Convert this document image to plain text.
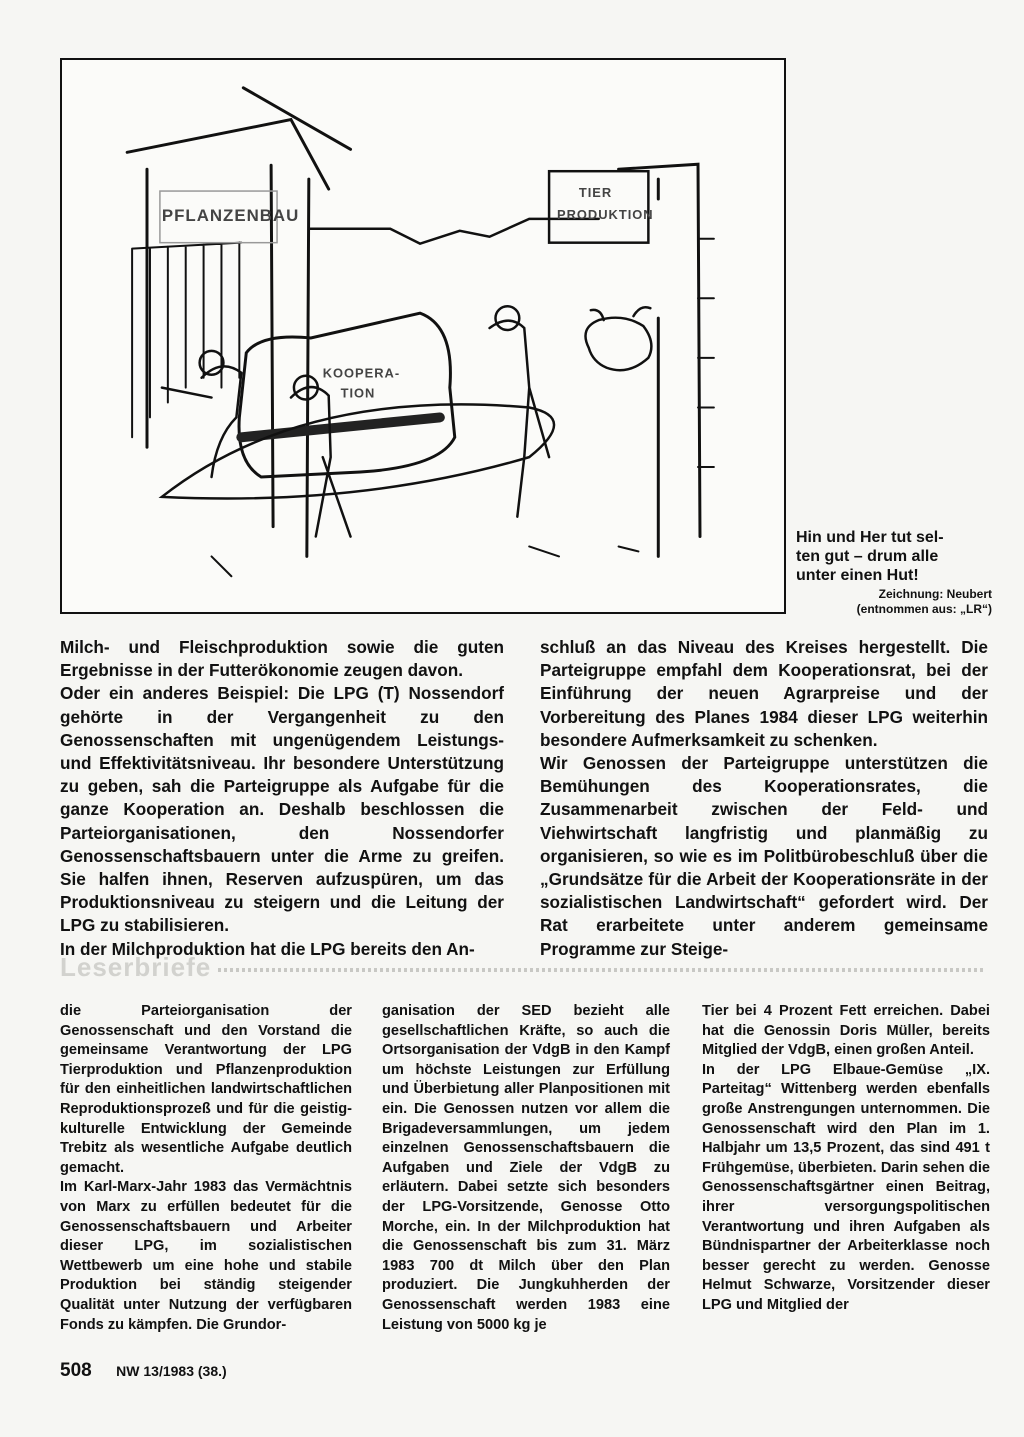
PFLANZENBAU
TIER
PRODUKTION
KOOPERA-
TION
Hin und Her tut sel-
ten gut – drum alle
unter einen Hut!
Zeichnung: Neubert
(entnommen aus: „LR“)

Milch- und Fleischproduktion sowie die guten Ergebnisse in der Futterökonomie zeugen davon.

Oder ein anderes Beispiel: Die LPG (T) Nossendorf gehörte in der Vergangenheit zu den Genossenschaften mit ungenügendem Leistungs- und Effektivitätsniveau. Ihr besondere Unterstützung zu geben, sah die Parteigruppe als Aufgabe für die ganze Kooperation an. Deshalb beschlossen die Parteiorganisationen, den Nossendorfer Genossenschaftsbauern unter die Arme zu greifen. Sie halfen ihnen, Reserven aufzuspüren, um das Produktionsniveau zu steigern und die Leitung der LPG zu stabilisieren.

In der Milchproduktion hat die LPG bereits den An-

schluß an das Niveau des Kreises hergestellt. Die Parteigruppe empfahl dem Kooperationsrat, bei der Einführung der neuen Agrarpreise und der Vorbereitung des Planes 1984 dieser LPG weiterhin besondere Aufmerksamkeit zu schenken.

Wir Genossen der Parteigruppe unterstützen die Bemühungen des Kooperationsrates, die Zusammenarbeit zwischen der Feld- und Viehwirtschaft langfristig und planmäßig zu organisieren, so wie es im Politbürobeschluß über die „Grundsätze für die Arbeit der Kooperationsräte in der sozialistischen Landwirtschaft“ gefordert wird. Der Rat erarbeitete unter anderem gemeinsame Programme zur Steige-

Leserbriefe

die Parteiorganisation der Genossenschaft und den Vorstand die gemeinsame Verantwortung der LPG Tierproduktion und Pflanzenproduktion für den einheitlichen landwirtschaftlichen Reproduktionsprozeß und für die geistig-kulturelle Entwicklung der Gemeinde Trebitz als wesentliche Aufgabe deutlich gemacht.

Im Karl-Marx-Jahr 1983 das Vermächtnis von Marx zu erfüllen bedeutet für die Genossenschaftsbauern und Arbeiter dieser LPG, im sozialistischen Wettbewerb um eine hohe und stabile Produktion bei ständig steigender Qualität unter Nutzung der verfügbaren Fonds zu kämpfen. Die Grundor-

ganisation der SED bezieht alle gesellschaftlichen Kräfte, so auch die Ortsorganisation der VdgB in den Kampf um höchste Leistungen zur Erfüllung und Überbietung aller Planpositionen mit ein. Die Genossen nutzen vor allem die Brigadeversammlungen, um jedem einzelnen Genossenschaftsbauern die Aufgaben und Ziele der VdgB zu erläutern. Dabei setzte sich besonders der LPG-Vorsitzende, Genosse Otto Morche, ein. In der Milchproduktion hat die Genossenschaft bis zum 31. März 1983 700 dt Milch über den Plan produziert. Die Jungkuhherden der Genossenschaft werden 1983 eine Leistung von 5000 kg je

Tier bei 4 Prozent Fett erreichen. Dabei hat die Genossin Doris Müller, bereits Mitglied der VdgB, einen großen Anteil.

In der LPG Elbaue-Gemüse „IX. Parteitag“ Wittenberg werden ebenfalls große Anstrengungen unternommen. Die Genossenschaft wird den Plan im 1. Halbjahr um 13,5 Prozent, das sind 491 t Frühgemüse, überbieten. Darin sehen die Genossenschaftsgärtner einen Beitrag, ihrer versorgungspolitischen Verantwortung und ihren Aufgaben als Bündnispartner der Arbeiterklasse noch besser gerecht zu werden. Genosse Helmut Schwarze, Vorsitzender dieser LPG und Mitglied der

508 NW 13/1983 (38.)
